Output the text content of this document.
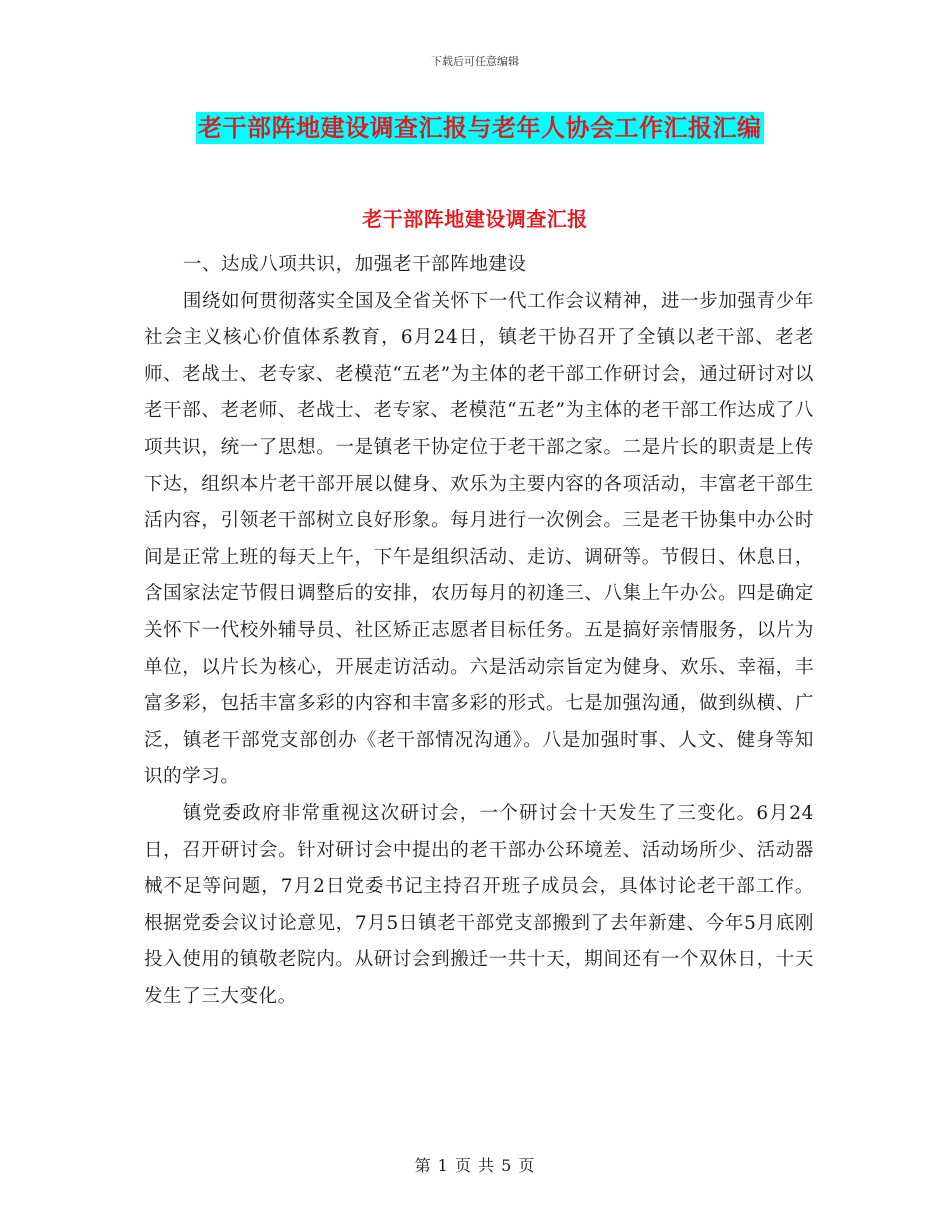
下载后可任意编辑
老干部阵地建设调查汇报与老年人协会工作汇报汇编
老干部阵地建设调查汇报

一、达成八项共识，加强老干部阵地建设

围绕如何贯彻落实全国及全省关怀下一代工作会议精神，进一步加强青少年社会主义核心价值体系教育，6月24日，镇老干协召开了全镇以老干部、老老师、老战士、老专家、老模范“五老”为主体的老干部工作研讨会，通过研讨对以老干部、老老师、老战士、老专家、老模范“五老”为主体的老干部工作达成了八项共识，统一了思想。一是镇老干协定位于老干部之家。二是片长的职责是上传下达，组织本片老干部开展以健身、欢乐为主要内容的各项活动，丰富老干部生活内容，引领老干部树立良好形象。每月进行一次例会。三是老干协集中办公时间是正常上班的每天上午，下午是组织活动、走访、调研等。节假日、休息日，含国家法定节假日调整后的安排，农历每月的初逢三、八集上午办公。四是确定关怀下一代校外辅导员、社区矫正志愿者目标任务。五是搞好亲情服务，以片为单位，以片长为核心，开展走访活动。六是活动宗旨定为健身、欢乐、幸福，丰富多彩，包括丰富多彩的内容和丰富多彩的形式。七是加强沟通，做到纵横、广泛，镇老干部党支部创办《老干部情况沟通》。八是加强时事、人文、健身等知识的学习。

镇党委政府非常重视这次研讨会，一个研讨会十天发生了三变化。6月24日，召开研讨会。针对研讨会中提出的老干部办公环境差、活动场所少、活动器械不足等问题，7月2日党委书记主持召开班子成员会，具体讨论老干部工作。根据党委会议讨论意见，7月5日镇老干部党支部搬到了去年新建、今年5月底刚投入使用的镇敬老院内。从研讨会到搬迁一共十天，期间还有一个双休日，十天发生了三大变化。

第 1 页 共 5 页
